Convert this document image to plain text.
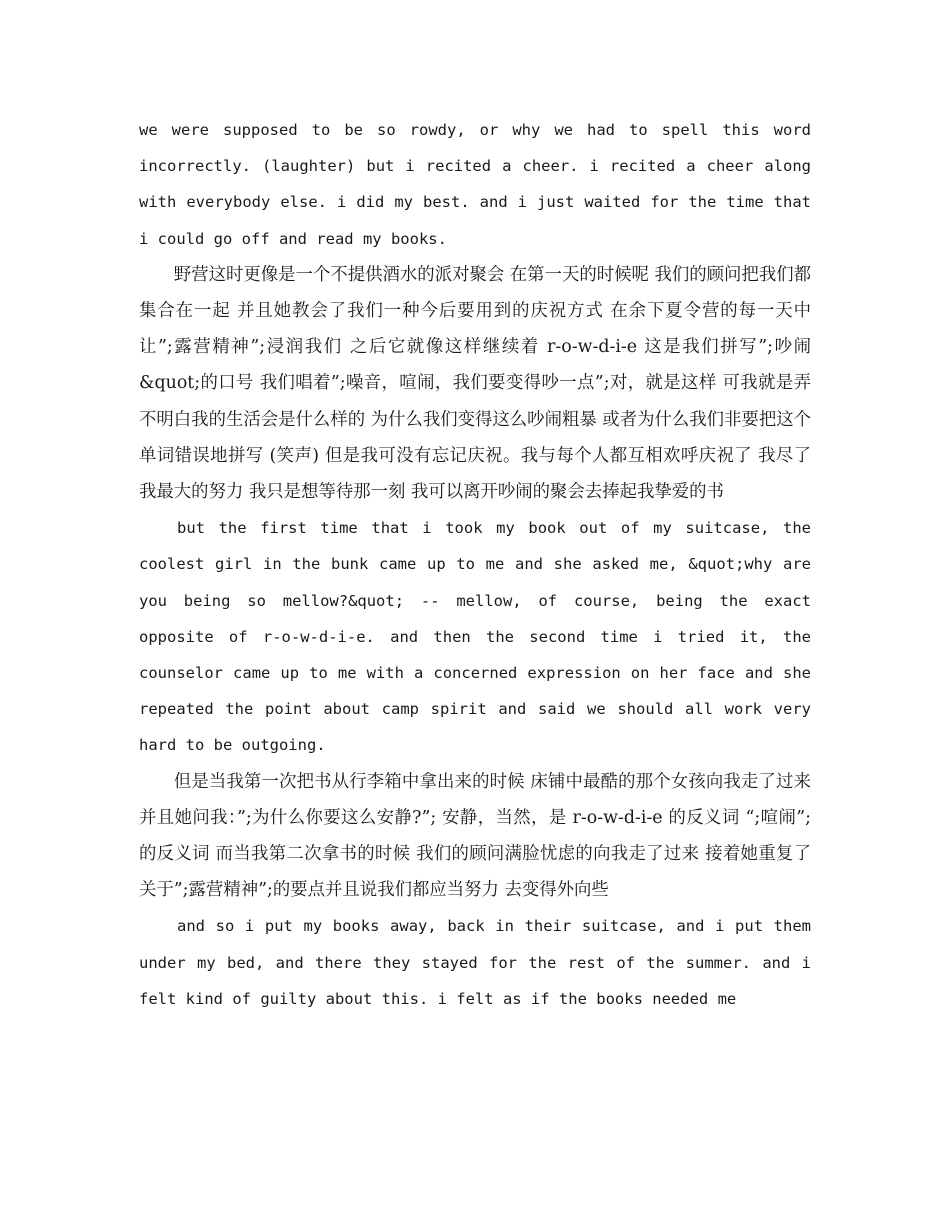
we were supposed to be so rowdy, or why we had to spell this word incorrectly. (laughter) but i recited a cheer. i recited a cheer along with everybody else. i did my best. and i just waited for the time that i could go off and read my books.

野营这时更像是一个不提供酒水的派对聚会 在第一天的时候呢 我们的顾问把我们都集合在一起 并且她教会了我们一种今后要用到的庆祝方式 在余下夏令营的每一天中 让”;露营精神”;浸润我们 之后它就像这样继续着 r-o-w-d-i-e 这是我们拼写”;吵闹&quot;的口号 我们唱着”;噪音，喧闹，我们要变得吵一点”;对，就是这样 可我就是弄不明白我的生活会是什么样的 为什么我们变得这么吵闹粗暴 或者为什么我们非要把这个单词错误地拼写 (笑声) 但是我可没有忘记庆祝。我与每个人都互相欢呼庆祝了 我尽了我最大的努力 我只是想等待那一刻 我可以离开吵闹的聚会去捧起我挚爱的书

but the first time that i took my book out of my suitcase, the coolest girl in the bunk came up to me and she asked me, &quot;why are you being so mellow?&quot; -- mellow, of course, being the exact opposite of r-o-w-d-i-e. and then the second time i tried it, the counselor came up to me with a concerned expression on her face and she repeated the point about camp spirit and said we should all work very hard to be outgoing.

但是当我第一次把书从行李箱中拿出来的时候 床铺中最酷的那个女孩向我走了过来 并且她问我：”;为什么你要这么安静?”; 安静，当然，是 r-o-w-d-i-e 的反义词 “;喧闹”;的反义词 而当我第二次拿书的时候 我们的顾问满脸忧虑的向我走了过来 接着她重复了关于”;露营精神”;的要点并且说我们都应当努力 去变得外向些

and so i put my books away, back in their suitcase, and i put them under my bed, and there they stayed for the rest of the summer. and i felt kind of guilty about this. i felt as if the books needed me
